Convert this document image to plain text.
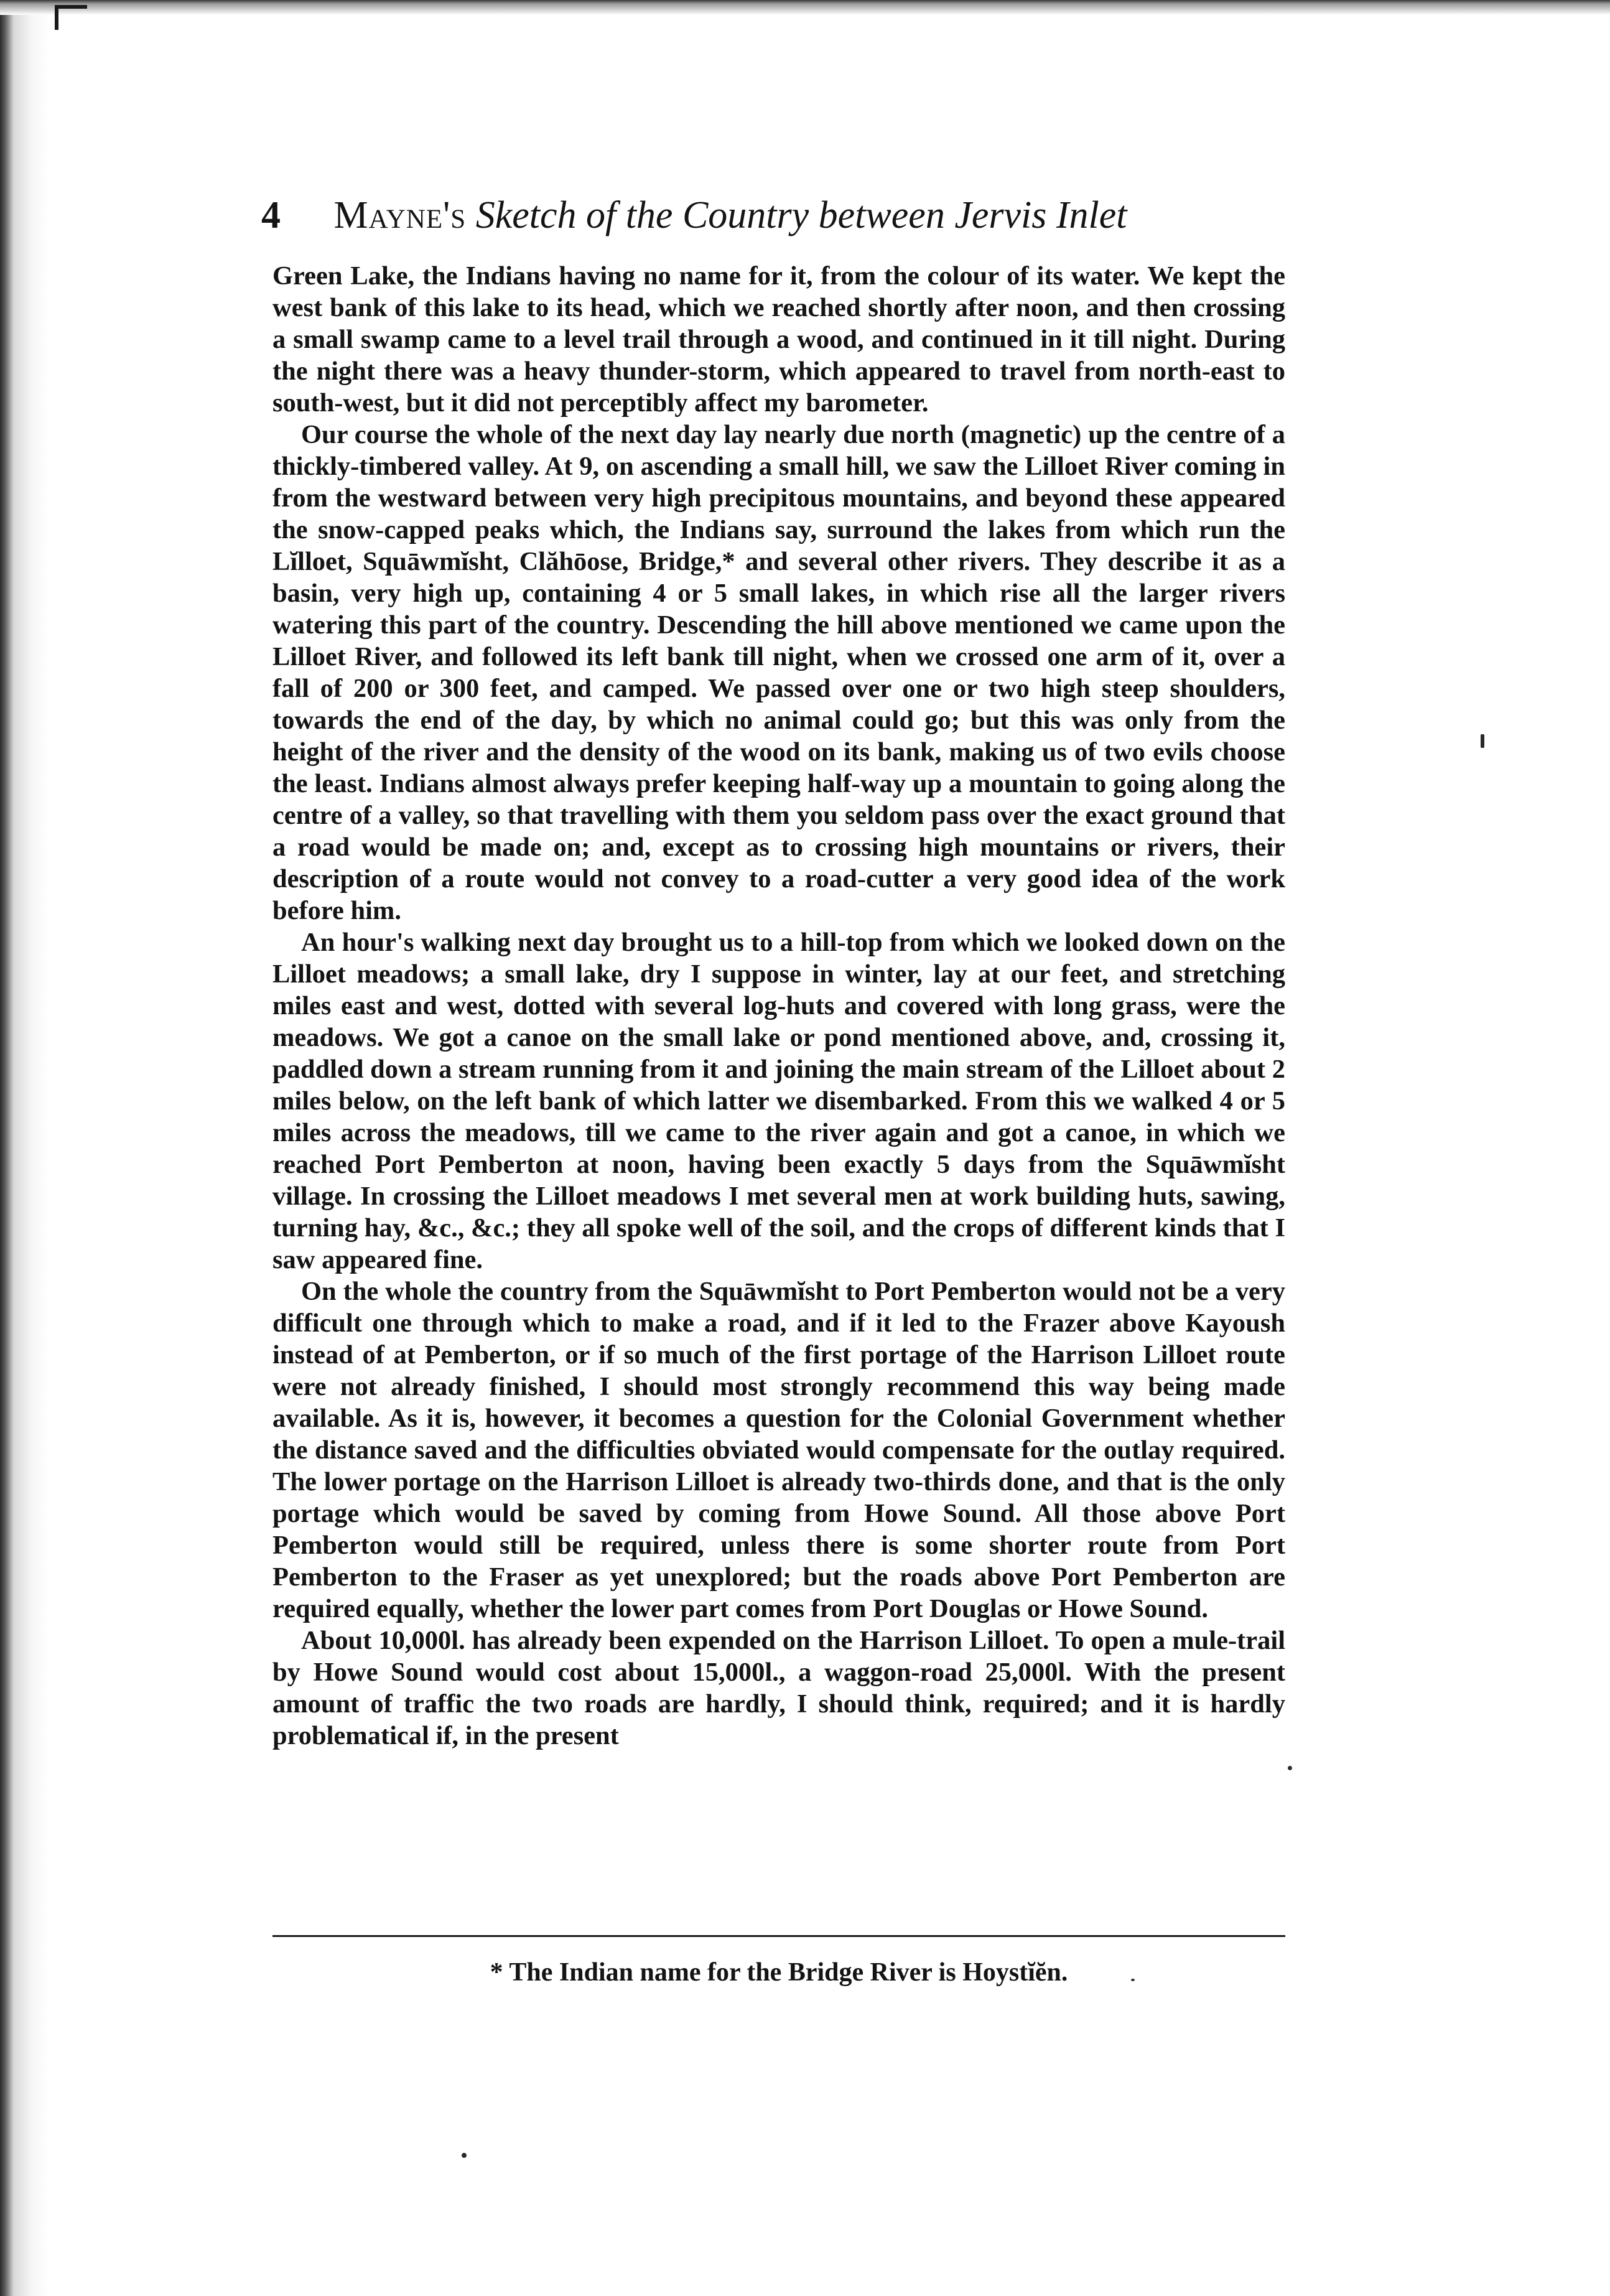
4 Mayne's Sketch of the Country between Jervis Inlet

Green Lake, the Indians having no name for it, from the colour of its water. We kept the west bank of this lake to its head, which we reached shortly after noon, and then crossing a small swamp came to a level trail through a wood, and continued in it till night. During the night there was a heavy thunder-storm, which appeared to travel from north-east to south-west, but it did not perceptibly affect my barometer.

Our course the whole of the next day lay nearly due north (magnetic) up the centre of a thickly-timbered valley. At 9, on ascending a small hill, we saw the Lilloet River coming in from the westward between very high precipitous mountains, and beyond these appeared the snow-capped peaks which, the Indians say, surround the lakes from which run the Lĭlloet, Squāwmĭsht, Clăhōose, Bridge,* and several other rivers. They describe it as a basin, very high up, containing 4 or 5 small lakes, in which rise all the larger rivers watering this part of the country. Descending the hill above mentioned we came upon the Lilloet River, and followed its left bank till night, when we crossed one arm of it, over a fall of 200 or 300 feet, and camped. We passed over one or two high steep shoulders, towards the end of the day, by which no animal could go; but this was only from the height of the river and the density of the wood on its bank, making us of two evils choose the least. Indians almost always prefer keeping half-way up a mountain to going along the centre of a valley, so that travelling with them you seldom pass over the exact ground that a road would be made on; and, except as to crossing high mountains or rivers, their description of a route would not convey to a road-cutter a very good idea of the work before him.

An hour's walking next day brought us to a hill-top from which we looked down on the Lilloet meadows; a small lake, dry I suppose in winter, lay at our feet, and stretching miles east and west, dotted with several log-huts and covered with long grass, were the meadows. We got a canoe on the small lake or pond mentioned above, and, crossing it, paddled down a stream running from it and joining the main stream of the Lilloet about 2 miles below, on the left bank of which latter we disembarked. From this we walked 4 or 5 miles across the meadows, till we came to the river again and got a canoe, in which we reached Port Pemberton at noon, having been exactly 5 days from the Squāwmĭsht village. In crossing the Lilloet meadows I met several men at work building huts, sawing, turning hay, &c., &c.; they all spoke well of the soil, and the crops of different kinds that I saw appeared fine.

On the whole the country from the Squāwmĭsht to Port Pemberton would not be a very difficult one through which to make a road, and if it led to the Frazer above Kayoush instead of at Pemberton, or if so much of the first portage of the Harrison Lilloet route were not already finished, I should most strongly recommend this way being made available. As it is, however, it becomes a question for the Colonial Government whether the distance saved and the difficulties obviated would compensate for the outlay required. The lower portage on the Harrison Lilloet is already two-thirds done, and that is the only portage which would be saved by coming from Howe Sound. All those above Port Pemberton would still be required, unless there is some shorter route from Port Pemberton to the Fraser as yet unexplored; but the roads above Port Pemberton are required equally, whether the lower part comes from Port Douglas or Howe Sound.

About 10,000l. has already been expended on the Harrison Lilloet. To open a mule-trail by Howe Sound would cost about 15,000l., a waggon-road 25,000l. With the present amount of traffic the two roads are hardly, I should think, required; and it is hardly problematical if, in the present

* The Indian name for the Bridge River is Hoystĭĕn.
